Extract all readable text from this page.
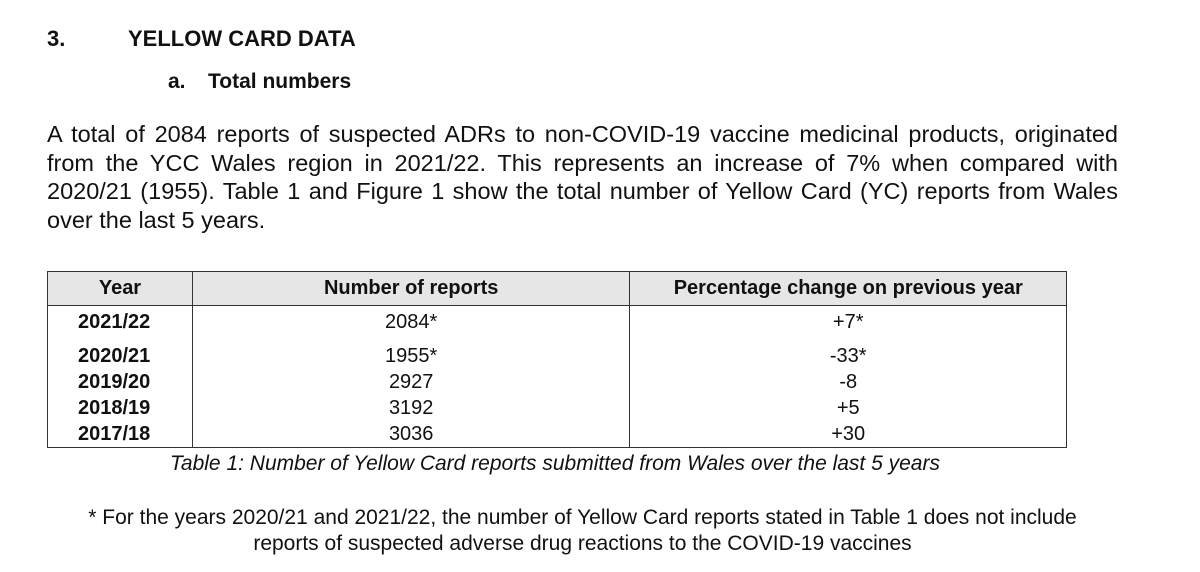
3.	YELLOW CARD DATA
a. Total numbers

A total of 2084 reports of suspected ADRs to non-COVID-19 vaccine medicinal products, originated from the YCC Wales region in 2021/22. This represents an increase of 7% when compared with 2020/21 (1955). Table 1 and Figure 1 show the total number of Yellow Card (YC) reports from Wales over the last 5 years.

Year	Number of reports	Percentage change on previous year
2021/22	2084*	+7*
2020/21	1955*	-33*
2019/20	2927	-8
2018/19	3192	+5
2017/18	3036	+30
Table 1: Number of Yellow Card reports submitted from Wales over the last 5 years

* For the years 2020/21 and 2021/22, the number of Yellow Card reports stated in Table 1 does not include
reports of suspected adverse drug reactions to the COVID-19 vaccines
